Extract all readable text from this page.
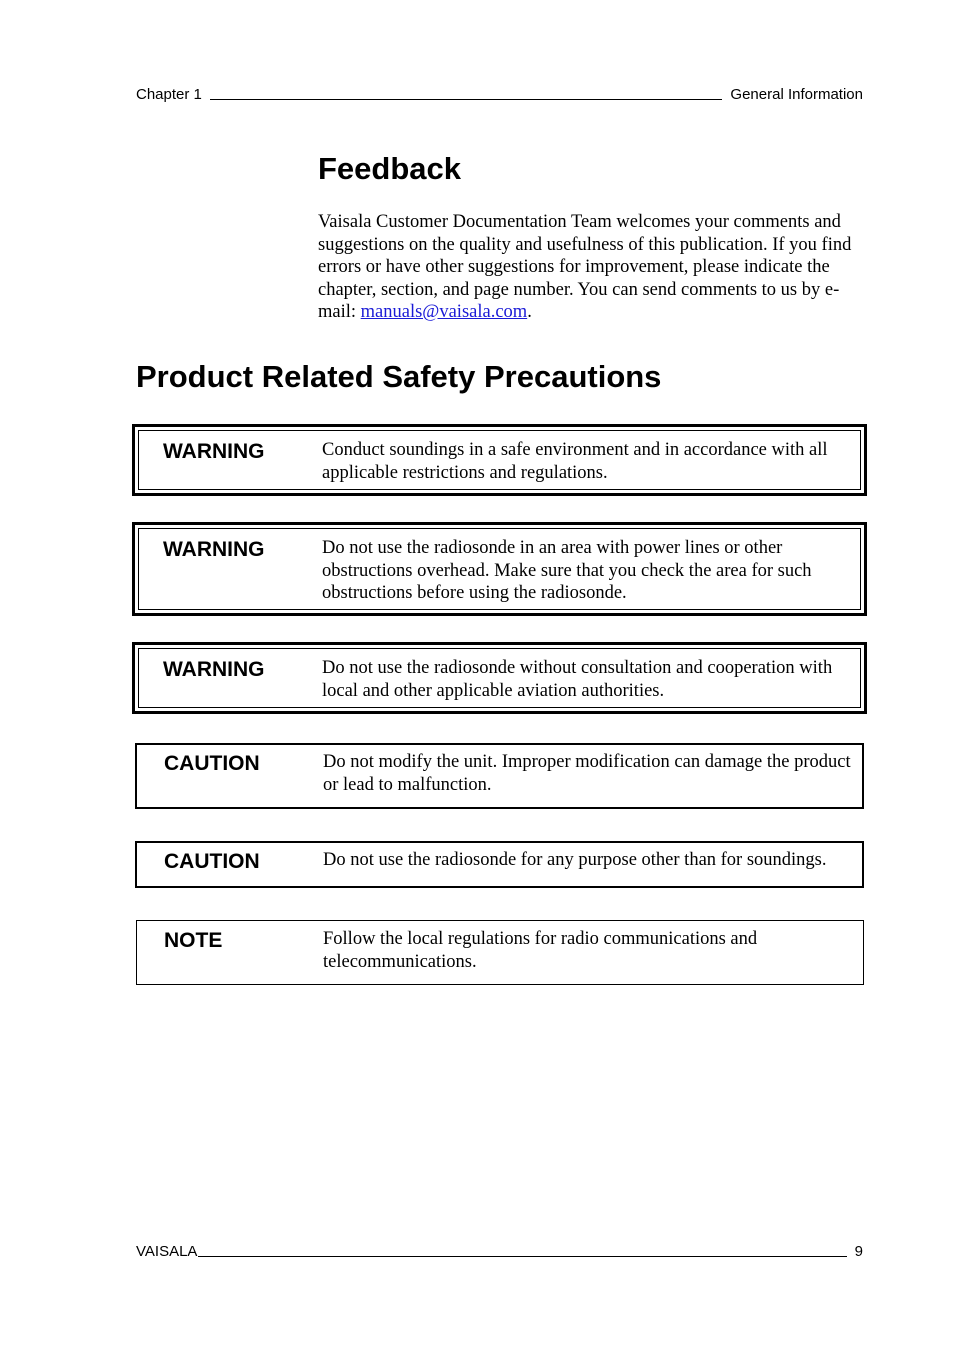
Chapter 1	General Information
Feedback
Vaisala Customer Documentation Team welcomes your comments and suggestions on the quality and usefulness of this publication. If you find errors or have other suggestions for improvement, please indicate the chapter, section, and page number. You can send comments to us by e-mail: manuals@vaisala.com.
Product Related Safety Precautions
WARNING	Conduct soundings in a safe environment and in accordance with all applicable restrictions and regulations.
WARNING	Do not use the radiosonde in an area with power lines or other obstructions overhead. Make sure that you check the area for such obstructions before using the radiosonde.
WARNING	Do not use the radiosonde without consultation and cooperation with local and other applicable aviation authorities.
CAUTION	Do not modify the unit. Improper modification can damage the product or lead to malfunction.
CAUTION	Do not use the radiosonde for any purpose other than for soundings.
NOTE	Follow the local regulations for radio communications and telecommunications.
VAISALA	9
